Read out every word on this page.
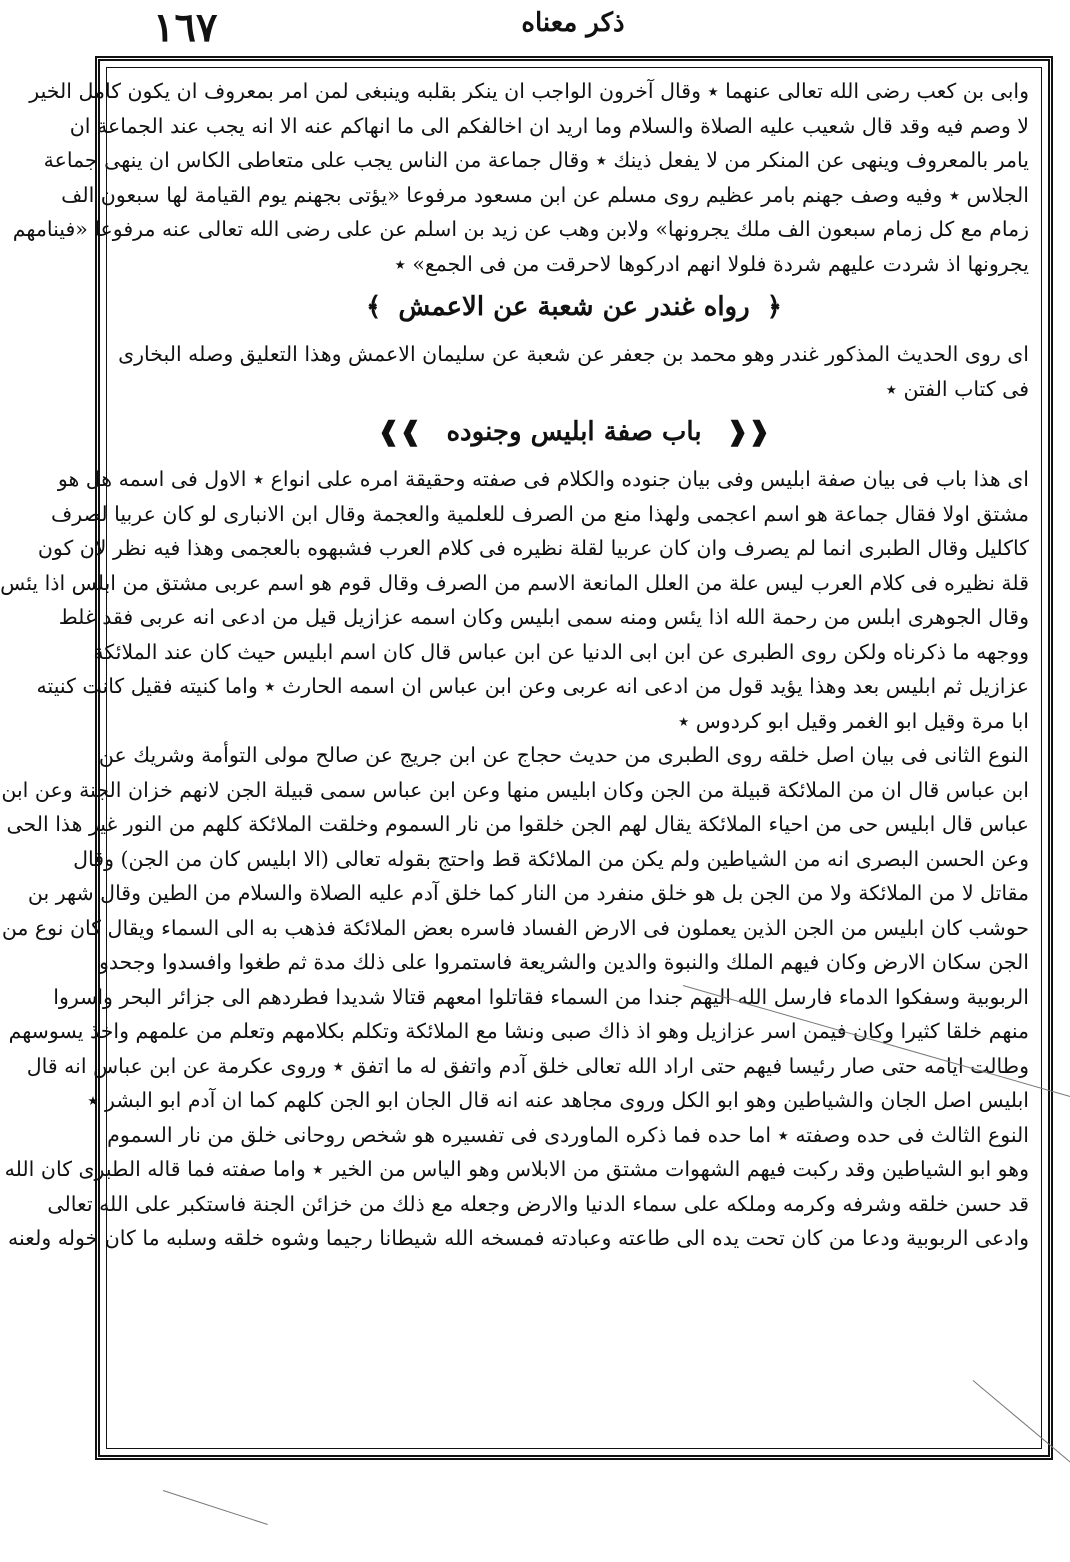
١٦٧	ذكر معناه

وابى بن كعب رضى الله تعالى عنهما ٭ وقال آخرون الواجب ان ينكر بقلبه وينبغى لمن امر بمعروف ان يكون كامل الخير

لا وصم فيه وقد قال شعيب عليه الصلاة والسلام وما اريد ان اخالفكم الى ما انهاكم عنه الا انه يجب عند الجماعة ان

يامر بالمعروف وينهى عن المنكر من لا يفعل ذينك ٭ وقال جماعة من الناس يجب على متعاطى الكاس ان ينهى جماعة

الجلاس ٭ وفيه وصف جهنم بامر عظيم روى مسلم عن ابن مسعود مرفوعا «يؤتى بجهنم يوم القيامة لها سبعون الف

زمام مع كل زمام سبعون الف ملك يجرونها» ولابن وهب عن زيد بن اسلم عن على رضى الله تعالى عنه مرفوعا «فينامهم

يجرونها اذ شردت عليهم شردة فلولا انهم ادركوها لاحرقت من فى الجمع» ٭

﴿ رواه غندر عن شعبة عن الاعمش ﴾

اى روى الحديث المذكور غندر وهو محمد بن جعفر عن شعبة عن سليمان الاعمش وهذا التعليق وصله البخارى

فى كتاب الفتن ٭

❰❰ باب صفة ابليس وجنوده ❱❱

اى هذا باب فى بيان صفة ابليس وفى بيان جنوده والكلام فى صفته وحقيقة امره على انواع ٭ الاول فى اسمه هل هو

مشتق اولا فقال جماعة هو اسم اعجمى ولهذا منع من الصرف للعلمية والعجمة وقال ابن الانبارى لو كان عربيا لصرف

كاكليل وقال الطبرى انما لم يصرف وان كان عربيا لقلة نظيره فى كلام العرب فشبهوه بالعجمى وهذا فيه نظر لان كون

قلة نظيره فى كلام العرب ليس علة من العلل المانعة الاسم من الصرف وقال قوم هو اسم عربى مشتق من ابلس اذا يئس

وقال الجوهرى ابلس من رحمة الله اذا يئس ومنه سمى ابليس وكان اسمه عزازيل قيل من ادعى انه عربى فقد غلط

ووجهه ما ذكرناه ولكن روى الطبرى عن ابن ابى الدنيا عن ابن عباس قال كان اسم ابليس حيث كان عند الملائكة

عزازيل ثم ابليس بعد وهذا يؤيد قول من ادعى انه عربى وعن ابن عباس ان اسمه الحارث ٭ واما كنيته فقيل كانت كنيته

ابا مرة وقيل ابو الغمر وقيل ابو كردوس ٭

النوع الثانى فى بيان اصل خلقه روى الطبرى من حديث حجاج عن ابن جريج عن صالح مولى التوأمة وشريك عن

ابن عباس قال ان من الملائكة قبيلة من الجن وكان ابليس منها وعن ابن عباس سمى قبيلة الجن لانهم خزان الجنة وعن ابن

عباس قال ابليس حى من احياء الملائكة يقال لهم الجن خلقوا من نار السموم وخلقت الملائكة كلهم من النور غير هذا الحى

وعن الحسن البصرى انه من الشياطين ولم يكن من الملائكة قط واحتج بقوله تعالى (الا ابليس كان من الجن) وقال

مقاتل لا من الملائكة ولا من الجن بل هو خلق منفرد من النار كما خلق آدم عليه الصلاة والسلام من الطين وقال شهر بن

حوشب كان ابليس من الجن الذين يعملون فى الارض الفساد فاسره بعض الملائكة فذهب به الى السماء ويقال كان نوع من

الجن سكان الارض وكان فيهم الملك والنبوة والدين والشريعة فاستمروا على ذلك مدة ثم طغوا وافسدوا وجحدوا

الربوبية وسفكوا الدماء فارسل الله اليهم جندا من السماء فقاتلوا امعهم قتالا شديدا فطردهم الى جزائر البحر واسروا

منهم خلقا كثيرا وكان فيمن اسر عزازيل وهو اذ ذاك صبى ونشا مع الملائكة وتكلم بكلامهم وتعلم من علمهم واخذ يسوسهم

وطالت ايامه حتى صار رئيسا فيهم حتى اراد الله تعالى خلق آدم واتفق له ما اتفق ٭ وروى عكرمة عن ابن عباس انه قال

ابليس اصل الجان والشياطين وهو ابو الكل وروى مجاهد عنه انه قال الجان ابو الجن كلهم كما ان آدم ابو البشر ٭

النوع الثالث فى حده وصفته ٭ اما حده فما ذكره الماوردى فى تفسيره هو شخص روحانى خلق من نار السموم

وهو ابو الشياطين وقد ركبت فيهم الشهوات مشتق من الابلاس وهو الياس من الخير ٭ واما صفته فما قاله الطبرى كان الله

قد حسن خلقه وشرفه وكرمه وملكه على سماء الدنيا والارض وجعله مع ذلك من خزائن الجنة فاستكبر على الله تعالى

وادعى الربوبية ودعا من كان تحت يده الى طاعته وعبادته فمسخه الله شيطانا رجيما وشوه خلقه وسلبه ما كان خوله ولعنه
